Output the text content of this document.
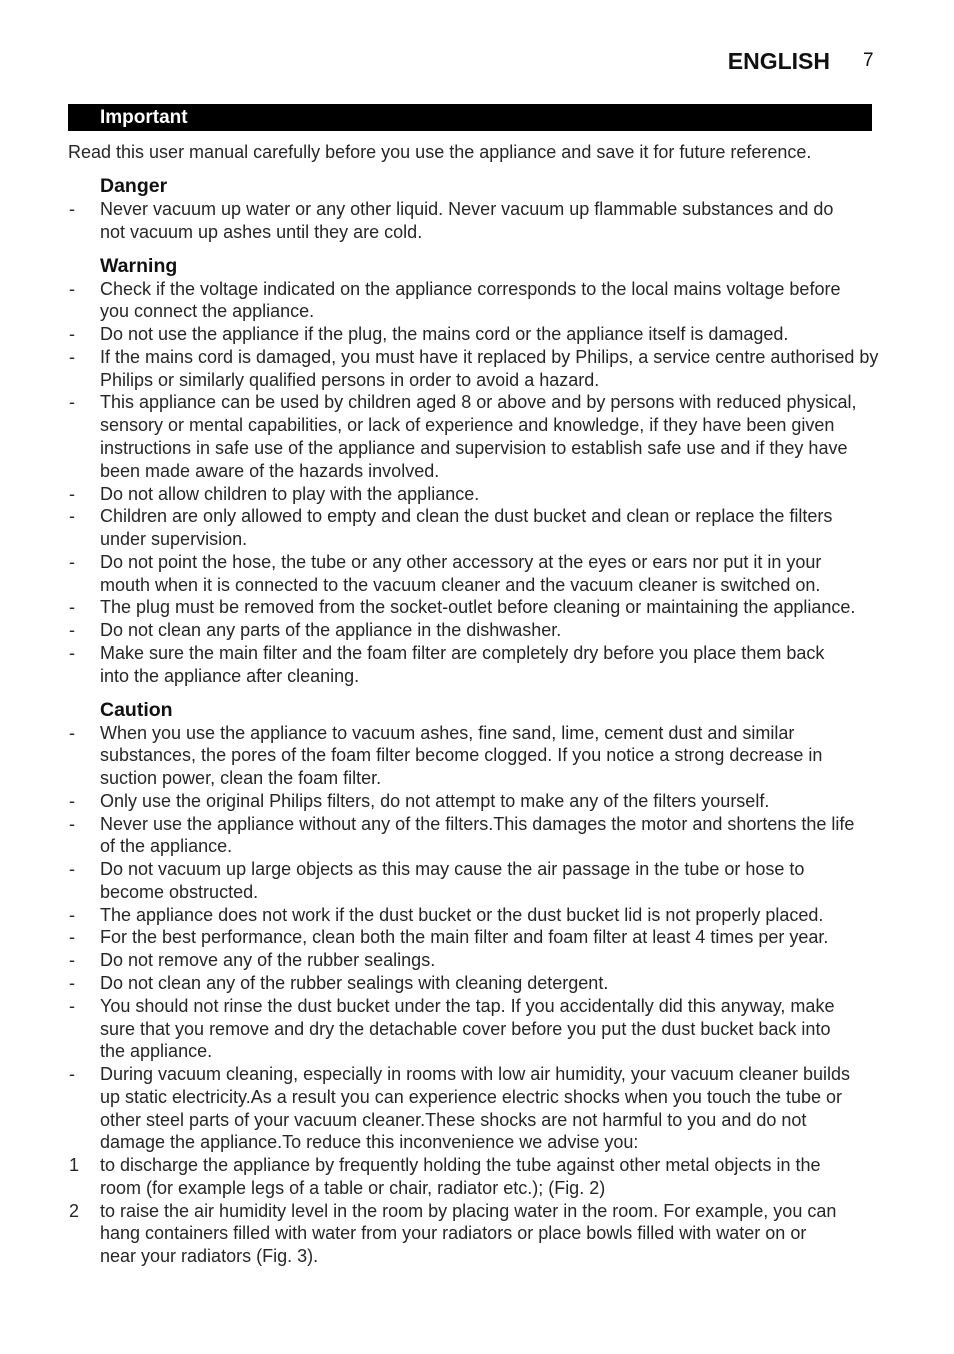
ENGLISH 7
Important
Read this user manual carefully before you use the appliance and save it for future reference.
Danger
-	Never vacuum up water or any other liquid. Never vacuum up flammable substances and do
not vacuum up ashes until they are cold.
Warning
-	Check if the voltage indicated on the appliance corresponds to the local mains voltage before
you connect the appliance.
-	Do not use the appliance if the plug, the mains cord or the appliance itself is damaged.
-	If the mains cord is damaged, you must have it replaced by Philips, a service centre authorised by
Philips or similarly qualified persons in order to avoid a hazard.
-	This appliance can be used by children aged 8 or above and by persons with reduced physical,
sensory or mental capabilities, or lack of experience and knowledge, if they have been given
instructions in safe use of the appliance and supervision to establish safe use and if they have
been made aware of the hazards involved.
-	Do not allow children to play with the appliance.
-	Children are only allowed to empty and clean the dust bucket and clean or replace the filters
under supervision.
-	Do not point the hose, the tube or any other accessory at the eyes or ears nor put it in your
mouth when it is connected to the vacuum cleaner and the vacuum cleaner is switched on.
-	The plug must be removed from the socket-outlet before cleaning or maintaining the appliance.
-	Do not clean any parts of the appliance in the dishwasher.
-	Make sure the main filter and the foam filter are completely dry before you place them back
into the appliance after cleaning.
Caution
-	When you use the appliance to vacuum ashes, fine sand, lime, cement dust and similar
substances, the pores of the foam filter become clogged. If you notice a strong decrease in
suction power, clean the foam filter.
-	Only use the original Philips filters, do not attempt to make any of the filters yourself.
-	Never use the appliance without any of the filters.This damages the motor and shortens the life
of the appliance.
-	Do not vacuum up large objects as this may cause the air passage in the tube or hose to
become obstructed.
-	The appliance does not work if the dust bucket or the dust bucket lid is not properly placed.
-	For the best performance, clean both the main filter and foam filter at least 4 times per year.
-	Do not remove any of the rubber sealings.
-	Do not clean any of the rubber sealings with cleaning detergent.
-	You should not rinse the dust bucket under the tap. If you accidentally did this anyway, make
sure that you remove and dry the detachable cover before you put the dust bucket back into
the appliance.
-	During vacuum cleaning, especially in rooms with low air humidity, your vacuum cleaner builds
up static electricity.As a result you can experience electric shocks when you touch the tube or
other steel parts of your vacuum cleaner.These shocks are not harmful to you and do not
damage the appliance.To reduce this inconvenience we advise you:
1	to discharge the appliance by frequently holding the tube against other metal objects in the
room (for example legs of a table or chair, radiator etc.); (Fig. 2)
2	to raise the air humidity level in the room by placing water in the room. For example, you can
hang containers filled with water from your radiators or place bowls filled with water on or
near your radiators (Fig. 3).
